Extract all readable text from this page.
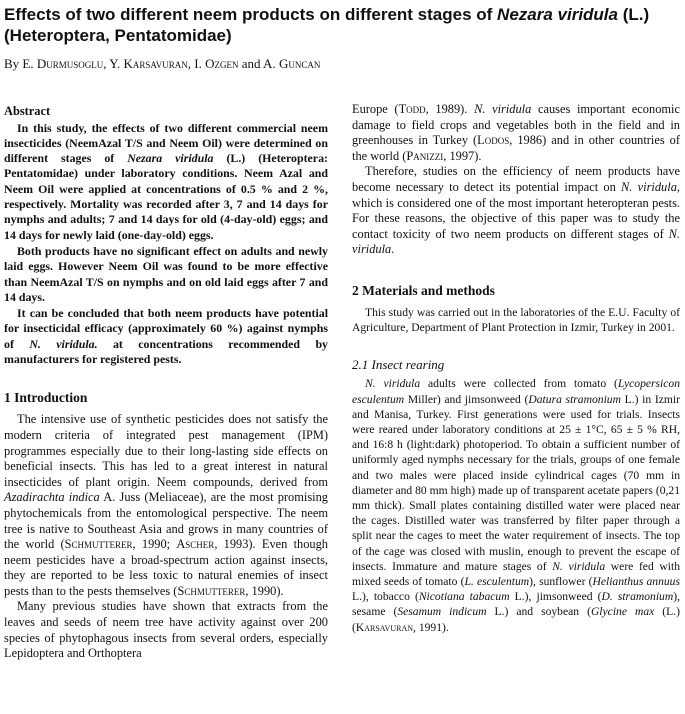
Effects of two different neem products on different stages of Nezara viridula (L.) (Heteroptera, Pentatomidae)
By E. Durmusoglu, Y. Karsavuran, I. Ozgen and A. Guncan
Abstract

In this study, the effects of two different commercial neem insecticides (NeemAzal T/S and Neem Oil) were determined on different stages of Nezara viridula (L.) (Heteroptera: Pentatomidae) under laboratory conditions. Neem Azal and Neem Oil were applied at concentrations of 0.5 % and 2 %, respectively. Mortality was recorded after 3, 7 and 14 days for nymphs and adults; 7 and 14 days for old (4-day-old) eggs; and 14 days for newly laid (one-day-old) eggs.

Both products have no significant effect on adults and newly laid eggs. However Neem Oil was found to be more effective than NeemAzal T/S on nymphs and on old laid eggs after 7 and 14 days.

It can be concluded that both neem products have potential for insecticidal efficacy (approximately 60 %) against nymphs of N. viridula. at concentrations recommended by manufacturers for registered pests.

1 Introduction

The intensive use of synthetic pesticides does not satisfy the modern criteria of integrated pest management (IPM) programmes especially due to their long-lasting side effects on beneficial insects. This has led to a great interest in natural insecticides of plant origin. Neem compounds, derived from Azadirachta indica A. Juss (Meliaceae), are the most promising phytochemicals from the entomological perspective. The neem tree is native to Southeast Asia and grows in many countries of the world (Schmutterer, 1990; Ascher, 1993). Even though neem pesticides have a broad-spectrum action against insects, they are reported to be less toxic to natural enemies of insect pests than to the pests themselves (Schmutterer, 1990).

Many previous studies have shown that extracts from the leaves and seeds of neem tree have activity against over 200 species of phytophagous insects from several orders, especially Lepidoptera and Orthoptera

Europe (Todd, 1989). N. viridula causes important economic damage to field crops and vegetables both in the field and in greenhouses in Turkey (Lodos, 1986) and in other countries of the world (Panizzi, 1997).

Therefore, studies on the efficiency of neem products have become necessary to detect its potential impact on N. viridula, which is considered one of the most important heteropteran pests. For these reasons, the objective of this paper was to study the contact toxicity of two neem products on different stages of N. viridula.

2 Materials and methods

This study was carried out in the laboratories of the E.U. Faculty of Agriculture, Department of Plant Protection in Izmir, Turkey in 2001.

2.1 Insect rearing

N. viridula adults were collected from tomato (Lycopersicon esculentum Miller) and jimsonweed (Datura stramonium L.) in Izmir and Manisa, Turkey. First generations were used for trials. Insects were reared under laboratory conditions at 25 ± 1°C, 65 ± 5 % RH, and 16:8 h (light:dark) photoperiod. To obtain a sufficient number of uniformly aged nymphs necessary for the trials, groups of one female and two males were placed inside cylindrical cages (70 mm in diameter and 80 mm high) made up of transparent acetate papers (0,21 mm thick). Small plates containing distilled water were placed near the cages. Distilled water was transferred by filter paper through a split near the cages to meet the water requirement of insects. The top of the cage was closed with muslin, enough to prevent the escape of insects. Immature and mature stages of N. viridula were fed with mixed seeds of tomato (L. esculentum), sunflower (Helianthus annuus L.), tobacco (Nicotiana tabacum L.), jimsonweed (D. stramonium), sesame (Sesamum indicum L.) and soybean (Glycine max (L.) (Karsavuran, 1991).
